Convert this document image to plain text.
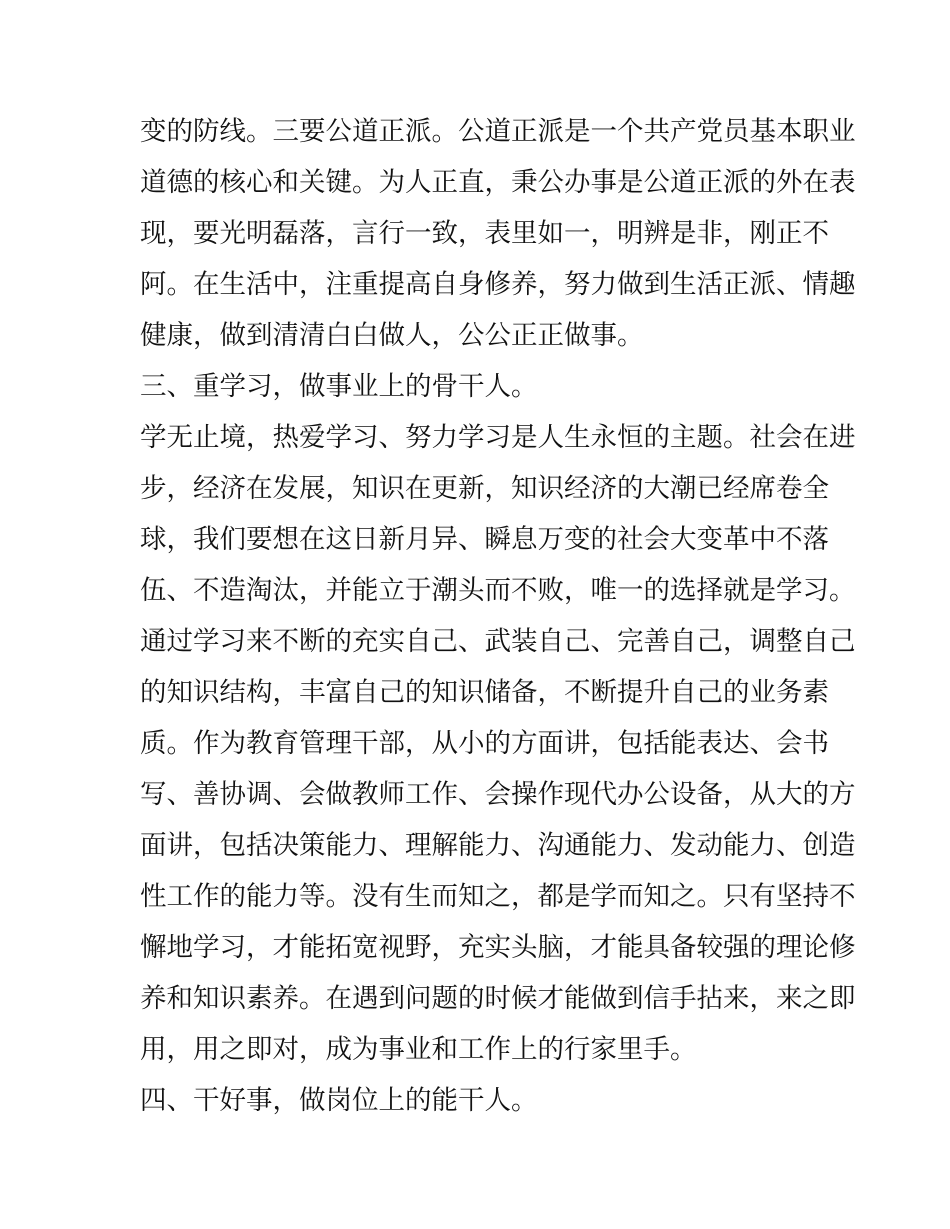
变的防线。三要公道正派。公道正派是一个共产党员基本职业
道德的核心和关键。为人正直，秉公办事是公道正派的外在表
现，要光明磊落，言行一致，表里如一，明辨是非，刚正不
阿。在生活中，注重提高自身修养，努力做到生活正派、情趣
健康，做到清清白白做人，公公正正做事。
三、重学习，做事业上的骨干人。
学无止境，热爱学习、努力学习是人生永恒的主题。社会在进
步，经济在发展，知识在更新，知识经济的大潮已经席卷全
球，我们要想在这日新月异、瞬息万变的社会大变革中不落
伍、不造淘汰，并能立于潮头而不败，唯一的选择就是学习。
通过学习来不断的充实自己、武装自己、完善自己，调整自己
的知识结构，丰富自己的知识储备，不断提升自己的业务素
质。作为教育管理干部，从小的方面讲，包括能表达、会书
写、善协调、会做教师工作、会操作现代办公设备，从大的方
面讲，包括决策能力、理解能力、沟通能力、发动能力、创造
性工作的能力等。没有生而知之，都是学而知之。只有坚持不
懈地学习，才能拓宽视野，充实头脑，才能具备较强的理论修
养和知识素养。在遇到问题的时候才能做到信手拈来，来之即
用，用之即对，成为事业和工作上的行家里手。
四、干好事，做岗位上的能干人。
